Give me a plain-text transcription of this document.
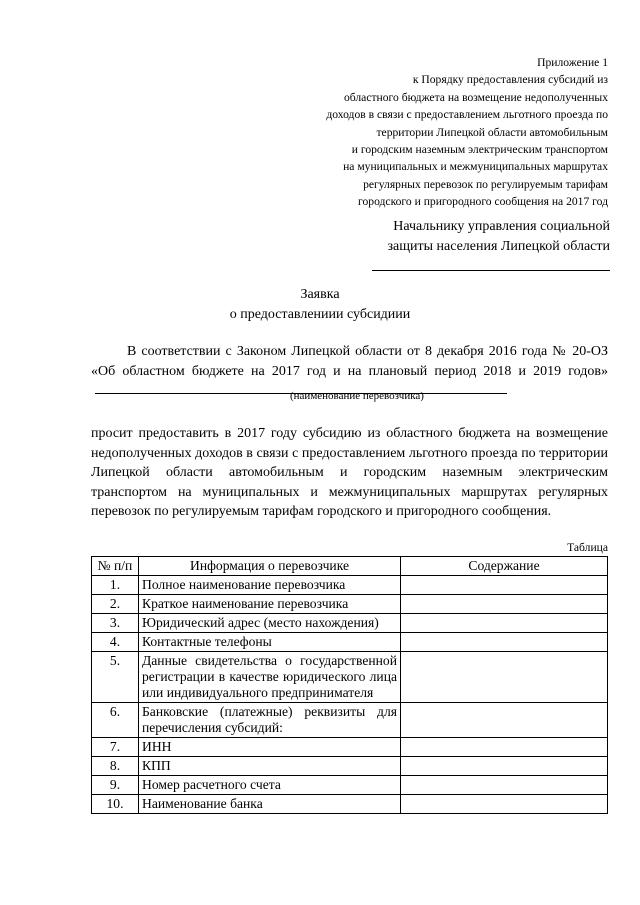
Приложение 1
к Порядку предоставления субсидий из
областного бюджета на возмещение недополученных
доходов в связи с предоставлением льготного проезда по
территории Липецкой области автомобильным
и городским наземным электрическим транспортом
на муниципальных и межмуниципальных маршрутах
регулярных перевозок по регулируемым тарифам
городского и пригородного сообщения на 2017 год
Начальнику управления социальной
защиты населения Липецкой области
Заявка
о предоставлениии субсидиии
В соответствии с Законом Липецкой области от 8 декабря 2016 года № 20-ОЗ «Об областном бюджете на 2017 год и на плановый период 2018 и 2019 годов»
(наименование перевозчика)
просит предоставить в 2017 году субсидию из областного бюджета на возмещение недополученных доходов в связи с предоставлением льготного проезда по территории Липецкой области автомобильным и городским наземным электрическим транспортом на муниципальных и межмуниципальных маршрутах регулярных перевозок по регулируемым тарифам городского и пригородного сообщения.
Таблица
№ п/п	Информация о перевозчике	Содержание
1.	Полное наименование перевозчика	
2.	Краткое наименование перевозчика	
3.	Юридический адрес (место нахождения)	
4.	Контактные телефоны	
5.	Данные свидетельства о государственной регистрации в качестве юридического лица или индивидуального предпринимателя	
6.	Банковские (платежные) реквизиты для перечисления субсидий:	
7.	ИНН	
8.	КПП	
9.	Номер расчетного счета	
10.	Наименование банка	
